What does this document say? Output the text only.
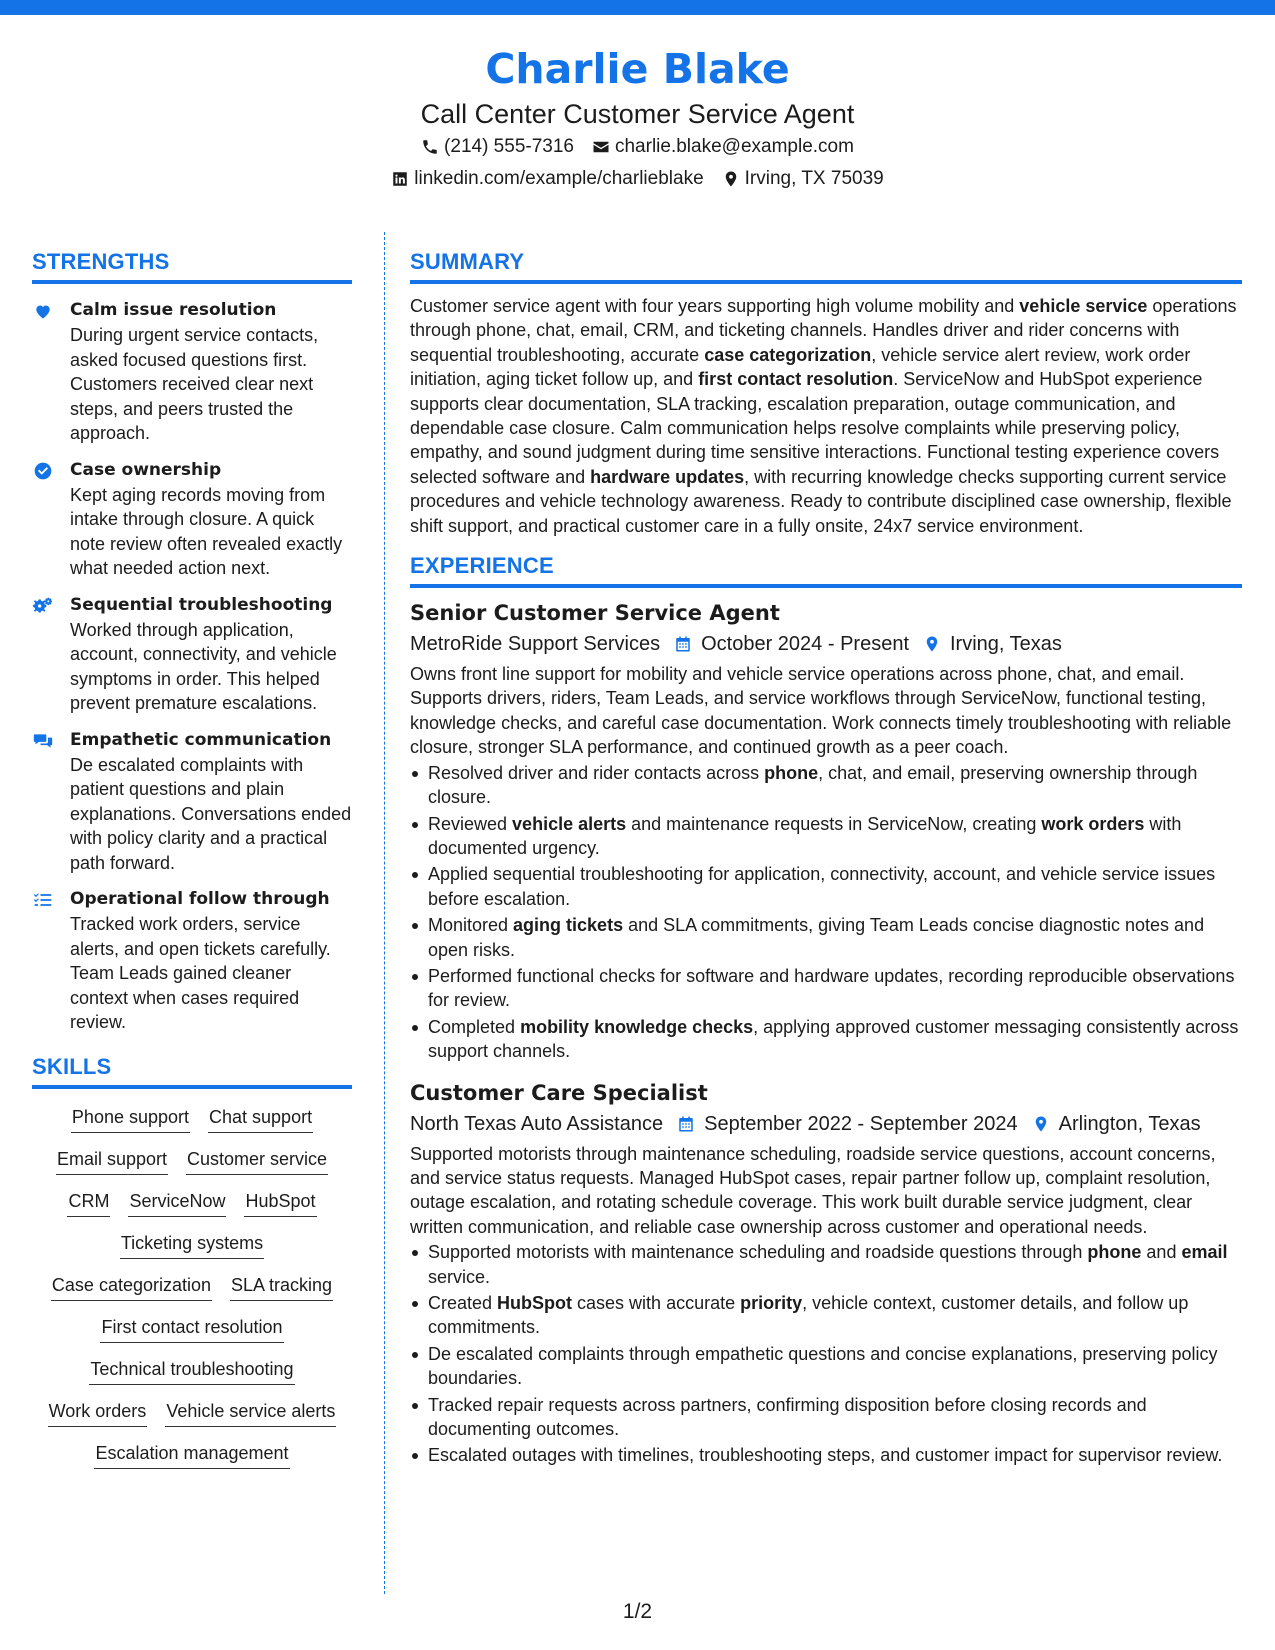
Charlie Blake
Call Center Customer Service Agent
(214) 555-7316 charlie.blake@example.com
linkedin.com/example/charlieblake Irving, TX 75039
STRENGTHS
Calm issue resolution
During urgent service contacts, asked focused questions first. Customers received clear next steps, and peers trusted the approach.
Case ownership
Kept aging records moving from intake through closure. A quick note review often revealed exactly what needed action next.
Sequential troubleshooting
Worked through application, account, connectivity, and vehicle symptoms in order. This helped prevent premature escalations.
Empathetic communication
De escalated complaints with patient questions and plain explanations. Conversations ended with policy clarity and a practical path forward.
Operational follow through
Tracked work orders, service alerts, and open tickets carefully. Team Leads gained cleaner context when cases required review.
SKILLS
Phone support Chat support
Email support Customer service
CRM ServiceNow HubSpot
Ticketing systems
Case categorization SLA tracking
First contact resolution
Technical troubleshooting
Work orders Vehicle service alerts
Escalation management
SUMMARY

Customer service agent with four years supporting high volume mobility and vehicle service operations through phone, chat, email, CRM, and ticketing channels. Handles driver and rider concerns with sequential troubleshooting, accurate case categorization, vehicle service alert review, work order initiation, aging ticket follow up, and first contact resolution. ServiceNow and HubSpot experience supports clear documentation, SLA tracking, escalation preparation, outage communication, and dependable case closure. Calm communication helps resolve complaints while preserving policy, empathy, and sound judgment during time sensitive interactions. Functional testing experience covers selected software and hardware updates, with recurring knowledge checks supporting current service procedures and vehicle technology awareness. Ready to contribute disciplined case ownership, flexible shift support, and practical customer care in a fully onsite, 24x7 service environment.

EXPERIENCE
Senior Customer Service Agent
MetroRide Support Services October 2024 - Present Irving, Texas

Owns front line support for mobility and vehicle service operations across phone, chat, and email. Supports drivers, riders, Team Leads, and service workflows through ServiceNow, functional testing, knowledge checks, and careful case documentation. Work connects timely troubleshooting with reliable closure, stronger SLA performance, and continued growth as a peer coach.

Resolved driver and rider contacts across phone, chat, and email, preserving ownership through closure.
Reviewed vehicle alerts and maintenance requests in ServiceNow, creating work orders with documented urgency.
Applied sequential troubleshooting for application, connectivity, account, and vehicle service issues before escalation.
Monitored aging tickets and SLA commitments, giving Team Leads concise diagnostic notes and open risks.
Performed functional checks for software and hardware updates, recording reproducible observations for review.
Completed mobility knowledge checks, applying approved customer messaging consistently across support channels.
Customer Care Specialist
North Texas Auto Assistance September 2022 - September 2024 Arlington, Texas

Supported motorists through maintenance scheduling, roadside service questions, account concerns, and service status requests. Managed HubSpot cases, repair partner follow up, complaint resolution, outage escalation, and rotating schedule coverage. This work built durable service judgment, clear written communication, and reliable case ownership across customer and operational needs.

Supported motorists with maintenance scheduling and roadside questions through phone and email service.
Created HubSpot cases with accurate priority, vehicle context, customer details, and follow up commitments.
De escalated complaints through empathetic questions and concise explanations, preserving policy boundaries.
Tracked repair requests across partners, confirming disposition before closing records and documenting outcomes.
Escalated outages with timelines, troubleshooting steps, and customer impact for supervisor review.
1/2
